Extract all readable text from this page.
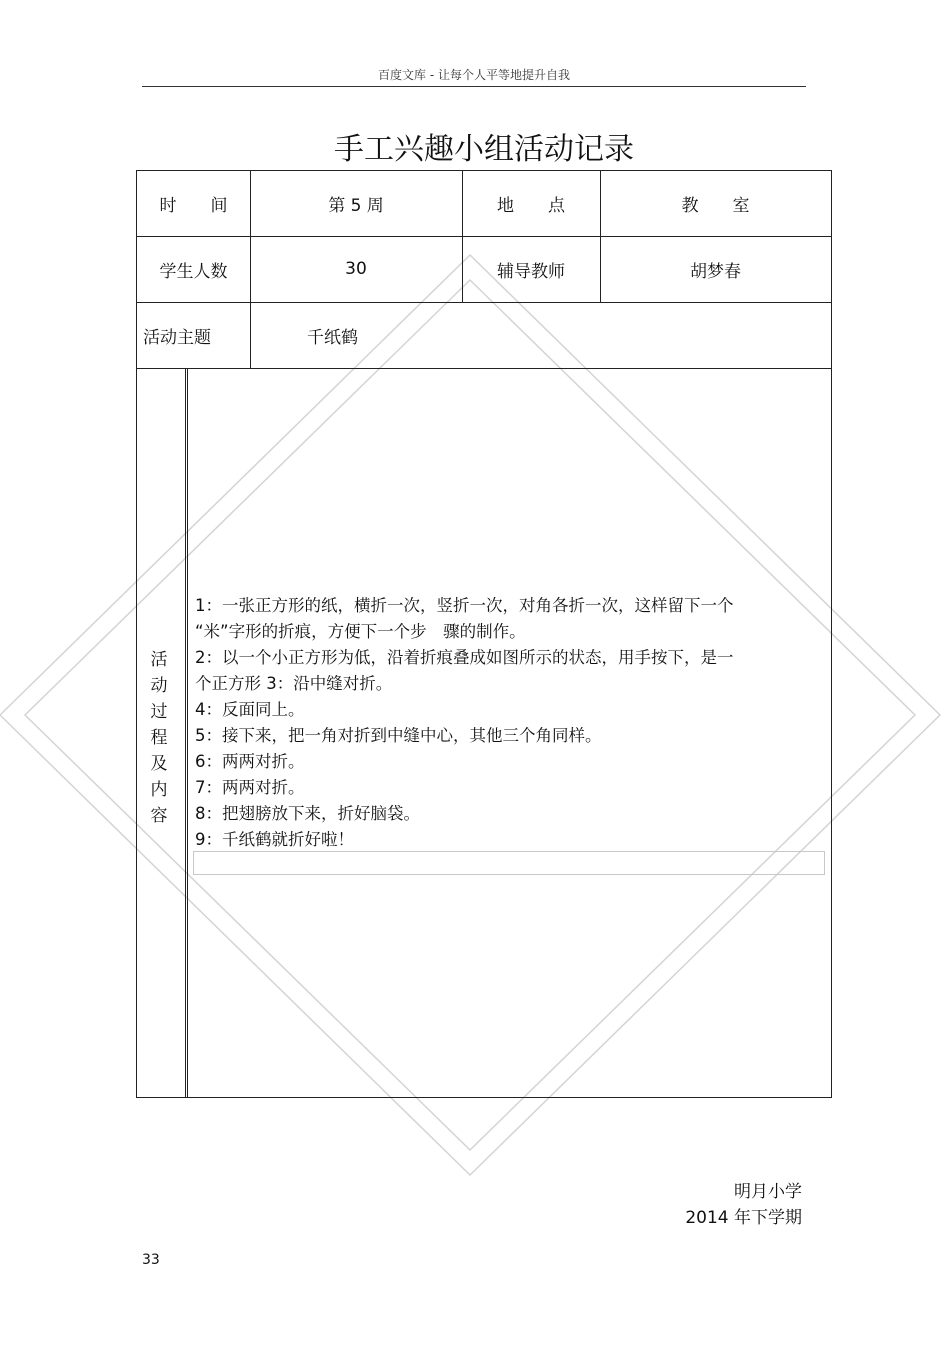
百度文库 - 让每个人平等地提升自我
手工兴趣小组活动记录
时　　间	第 5 周	地　　点	教　　室
学生人数	30	辅导教师	胡梦春
活动主题	千纸鹤
活
动
过
程
及
内
容
1：一张正方形的纸，横折一次，竖折一次，对角各折一次，这样留下一个
“米”字形的折痕，方便下一个步　骤的制作。
2：以一个小正方形为低，沿着折痕叠成如图所示的状态，用手按下，是一
个正方形 3：沿中缝对折。
4：反面同上。
5：接下来，把一角对折到中缝中心，其他三个角同样。
6：两两对折。
7：两两对折。
8：把翅膀放下来，折好脑袋。
9：千纸鹤就折好啦！
明月小学
2014 年下学期
33
